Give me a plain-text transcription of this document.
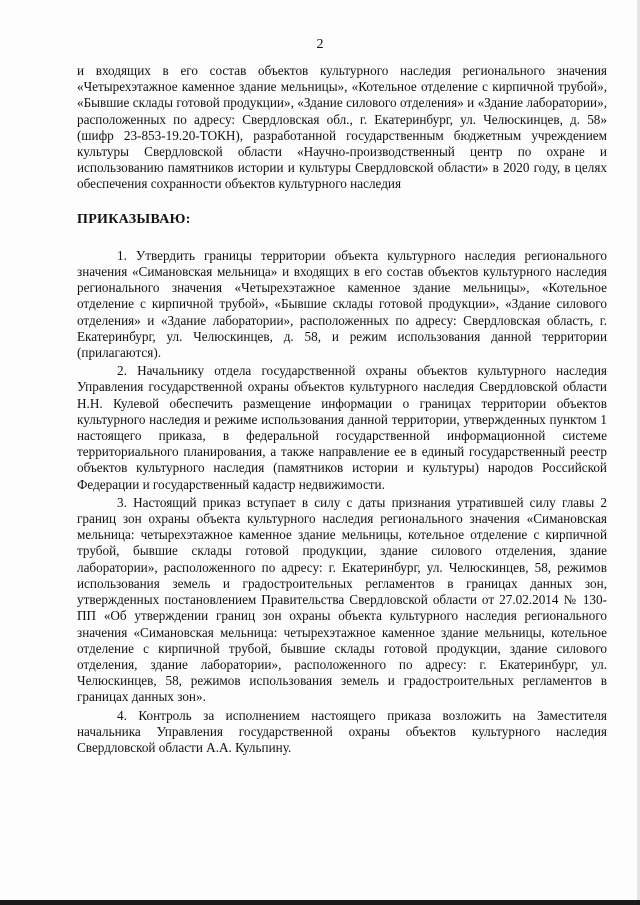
2

и входящих в его состав объектов культурного наследия регионального значения «Четырехэтажное каменное здание мельницы», «Котельное отделение с кирпичной трубой», «Бывшие склады готовой продукции», «Здание силового отделения» и «Здание лаборатории», расположенных по адресу: Свердловская обл., г. Екатеринбург, ул. Челюскинцев, д. 58» (шифр 23-853-19.20-ТОКН), разработанной государственным бюджетным учреждением культуры Свердловской области «Научно-производственный центр по охране и использованию памятников истории и культуры Свердловской области» в 2020 году, в целях обеспечения сохранности объектов культурного наследия

ПРИКАЗЫВАЮ:

1. Утвердить границы территории объекта культурного наследия регионального значения «Симановская мельница» и входящих в его состав объектов культурного наследия регионального значения «Четырехэтажное каменное здание мельницы», «Котельное отделение с кирпичной трубой», «Бывшие склады готовой продукции», «Здание силового отделения» и «Здание лаборатории», расположенных по адресу: Свердловская область, г. Екатеринбург, ул. Челюскинцев, д. 58, и режим использования данной территории (прилагаются).

2. Начальнику отдела государственной охраны объектов культурного наследия Управления государственной охраны объектов культурного наследия Свердловской области Н.Н. Кулевой обеспечить размещение информации о границах территории объектов культурного наследия и режиме использования данной территории, утвержденных пунктом 1 настоящего приказа, в федеральной государственной информационной системе территориального планирования, а также направление ее в единый государственный реестр объектов культурного наследия (памятников истории и культуры) народов Российской Федерации и государственный кадастр недвижимости.

3. Настоящий приказ вступает в силу с даты признания утратившей силу главы 2 границ зон охраны объекта культурного наследия регионального значения «Симановская мельница: четырехэтажное каменное здание мельницы, котельное отделение с кирпичной трубой, бывшие склады готовой продукции, здание силового отделения, здание лаборатории», расположенного по адресу: г. Екатеринбург, ул. Челюскинцев, 58, режимов использования земель и градостроительных регламентов в границах данных зон, утвержденных постановлением Правительства Свердловской области от 27.02.2014 № 130-ПП «Об утверждении границ зон охраны объекта культурного наследия регионального значения «Симановская мельница: четырехэтажное каменное здание мельницы, котельное отделение с кирпичной трубой, бывшие склады готовой продукции, здание силового отделения, здание лаборатории», расположенного по адресу: г. Екатеринбург, ул. Челюскинцев, 58, режимов использования земель и градостроительных регламентов в границах данных зон».

4. Контроль за исполнением настоящего приказа возложить на Заместителя начальника Управления государственной охраны объектов культурного наследия Свердловской области А.А. Кульпину.
